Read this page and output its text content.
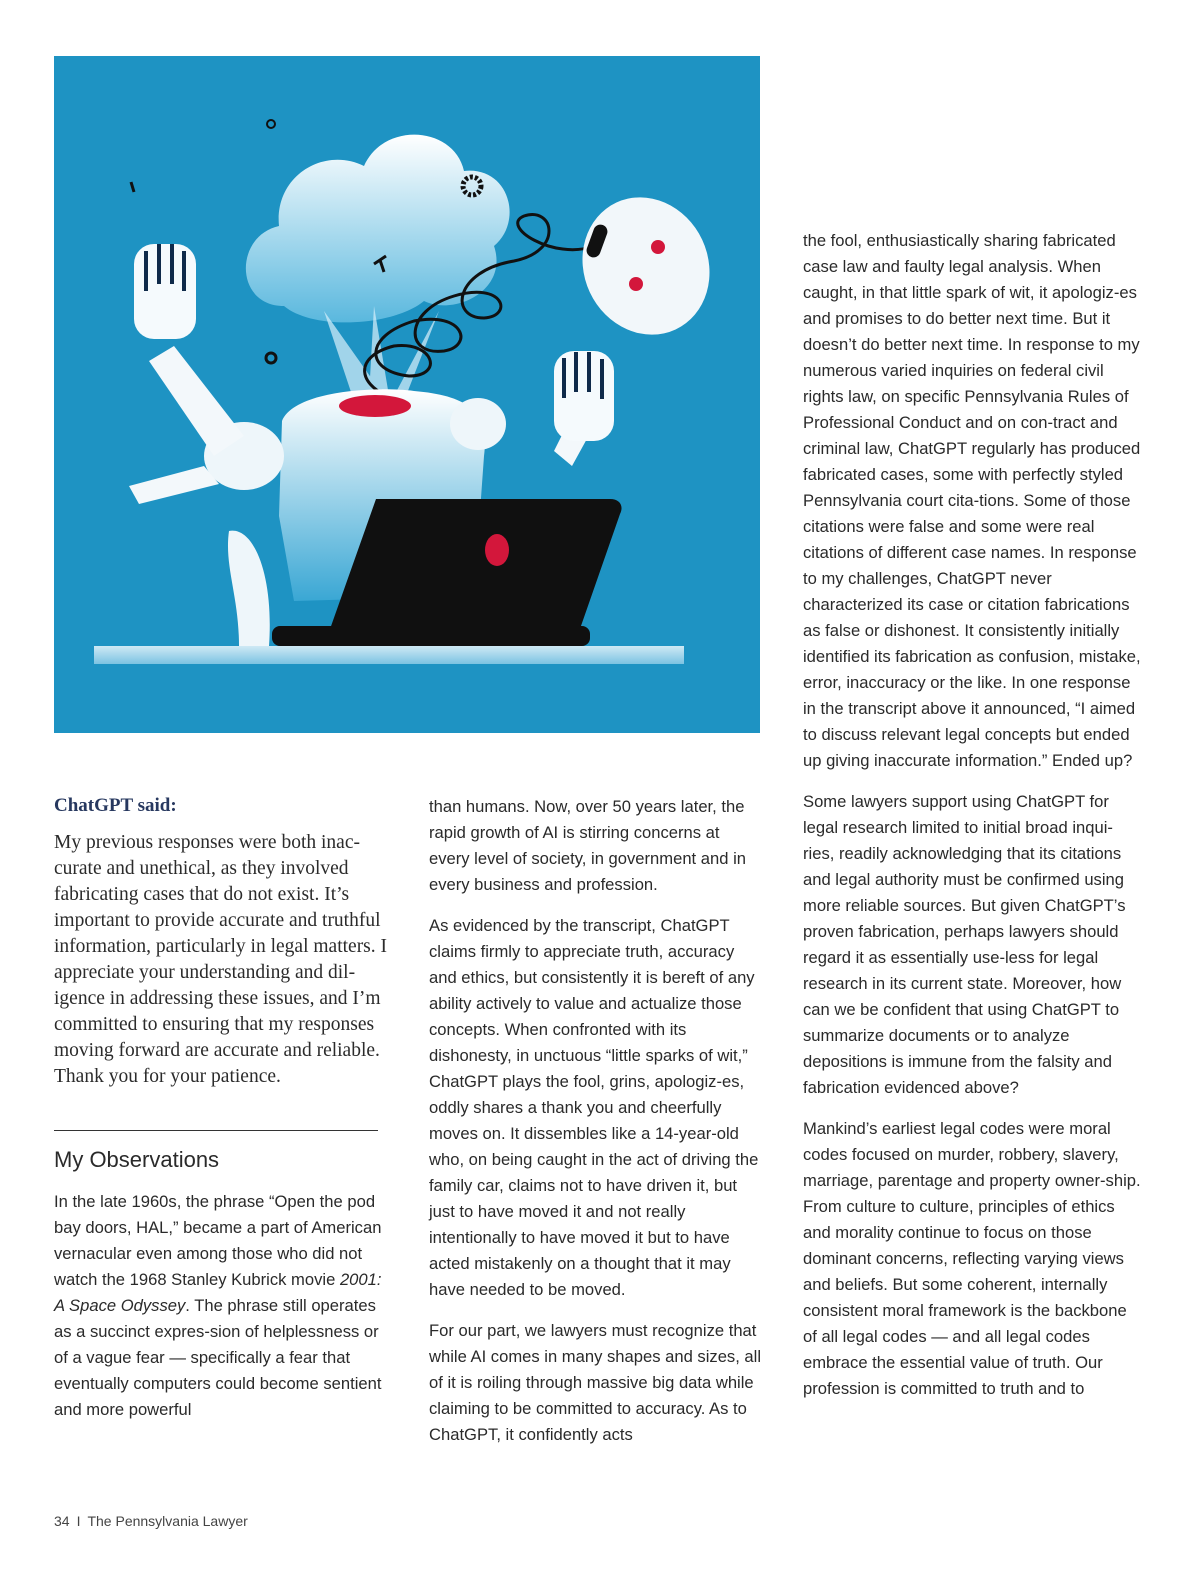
ChatGPT said:

My previous responses were both inac-curate and unethical, as they involved fabricating cases that do not exist. It’s important to provide accurate and truthful information, particularly in legal matters. I appreciate your understanding and dil-igence in addressing these issues, and I’m committed to ensuring that my responses moving forward are accurate and reliable. Thank you for your patience.

My Observations

In the late 1960s, the phrase “Open the pod bay doors, HAL,” became a part of American vernacular even among those who did not watch the 1968 Stanley Kubrick movie 2001: A Space Odyssey. The phrase still operates as a succinct expres-sion of helplessness or of a vague fear — specifically a fear that eventually computers could become sentient and more powerful

than humans. Now, over 50 years later, the rapid growth of AI is stirring concerns at every level of society, in government and in every business and profession.

As evidenced by the transcript, ChatGPT claims firmly to appreciate truth, accuracy and ethics, but consistently it is bereft of any ability actively to value and actualize those concepts. When confronted with its dishonesty, in unctuous “little sparks of wit,” ChatGPT plays the fool, grins, apologiz-es, oddly shares a thank you and cheerfully moves on. It dissembles like a 14-year-old who, on being caught in the act of driving the family car, claims not to have driven it, but just to have moved it and not really intentionally to have moved it but to have acted mistakenly on a thought that it may have needed to be moved.

For our part, we lawyers must recognize that while AI comes in many shapes and sizes, all of it is roiling through massive big data while claiming to be committed to accuracy. As to ChatGPT, it confidently acts

the fool, enthusiastically sharing fabricated case law and faulty legal analysis. When caught, in that little spark of wit, it apologiz-es and promises to do better next time. But it doesn’t do better next time. In response to my numerous varied inquiries on federal civil rights law, on specific Pennsylvania Rules of Professional Conduct and on con-tract and criminal law, ChatGPT regularly has produced fabricated cases, some with perfectly styled Pennsylvania court cita-tions. Some of those citations were false and some were real citations of different case names. In response to my challenges, ChatGPT never characterized its case or citation fabrications as false or dishonest. It consistently initially identified its fabrication as confusion, mistake, error, inaccuracy or the like. In one response in the transcript above it announced, “I aimed to discuss relevant legal concepts but ended up giving inaccurate information.” Ended up?

Some lawyers support using ChatGPT for legal research limited to initial broad inqui-ries, readily acknowledging that its citations and legal authority must be confirmed using more reliable sources. But given ChatGPT’s proven fabrication, perhaps lawyers should regard it as essentially use-less for legal research in its current state. Moreover, how can we be confident that using ChatGPT to summarize documents or to analyze depositions is immune from the falsity and fabrication evidenced above?

Mankind’s earliest legal codes were moral codes focused on murder, robbery, slavery, marriage, parentage and property owner-ship. From culture to culture, principles of ethics and morality continue to focus on those dominant concerns, reflecting varying views and beliefs. But some coherent, internally consistent moral framework is the backbone of all legal codes — and all legal codes embrace the essential value of truth. Our profession is committed to truth and to

34 I The Pennsylvania Lawyer
